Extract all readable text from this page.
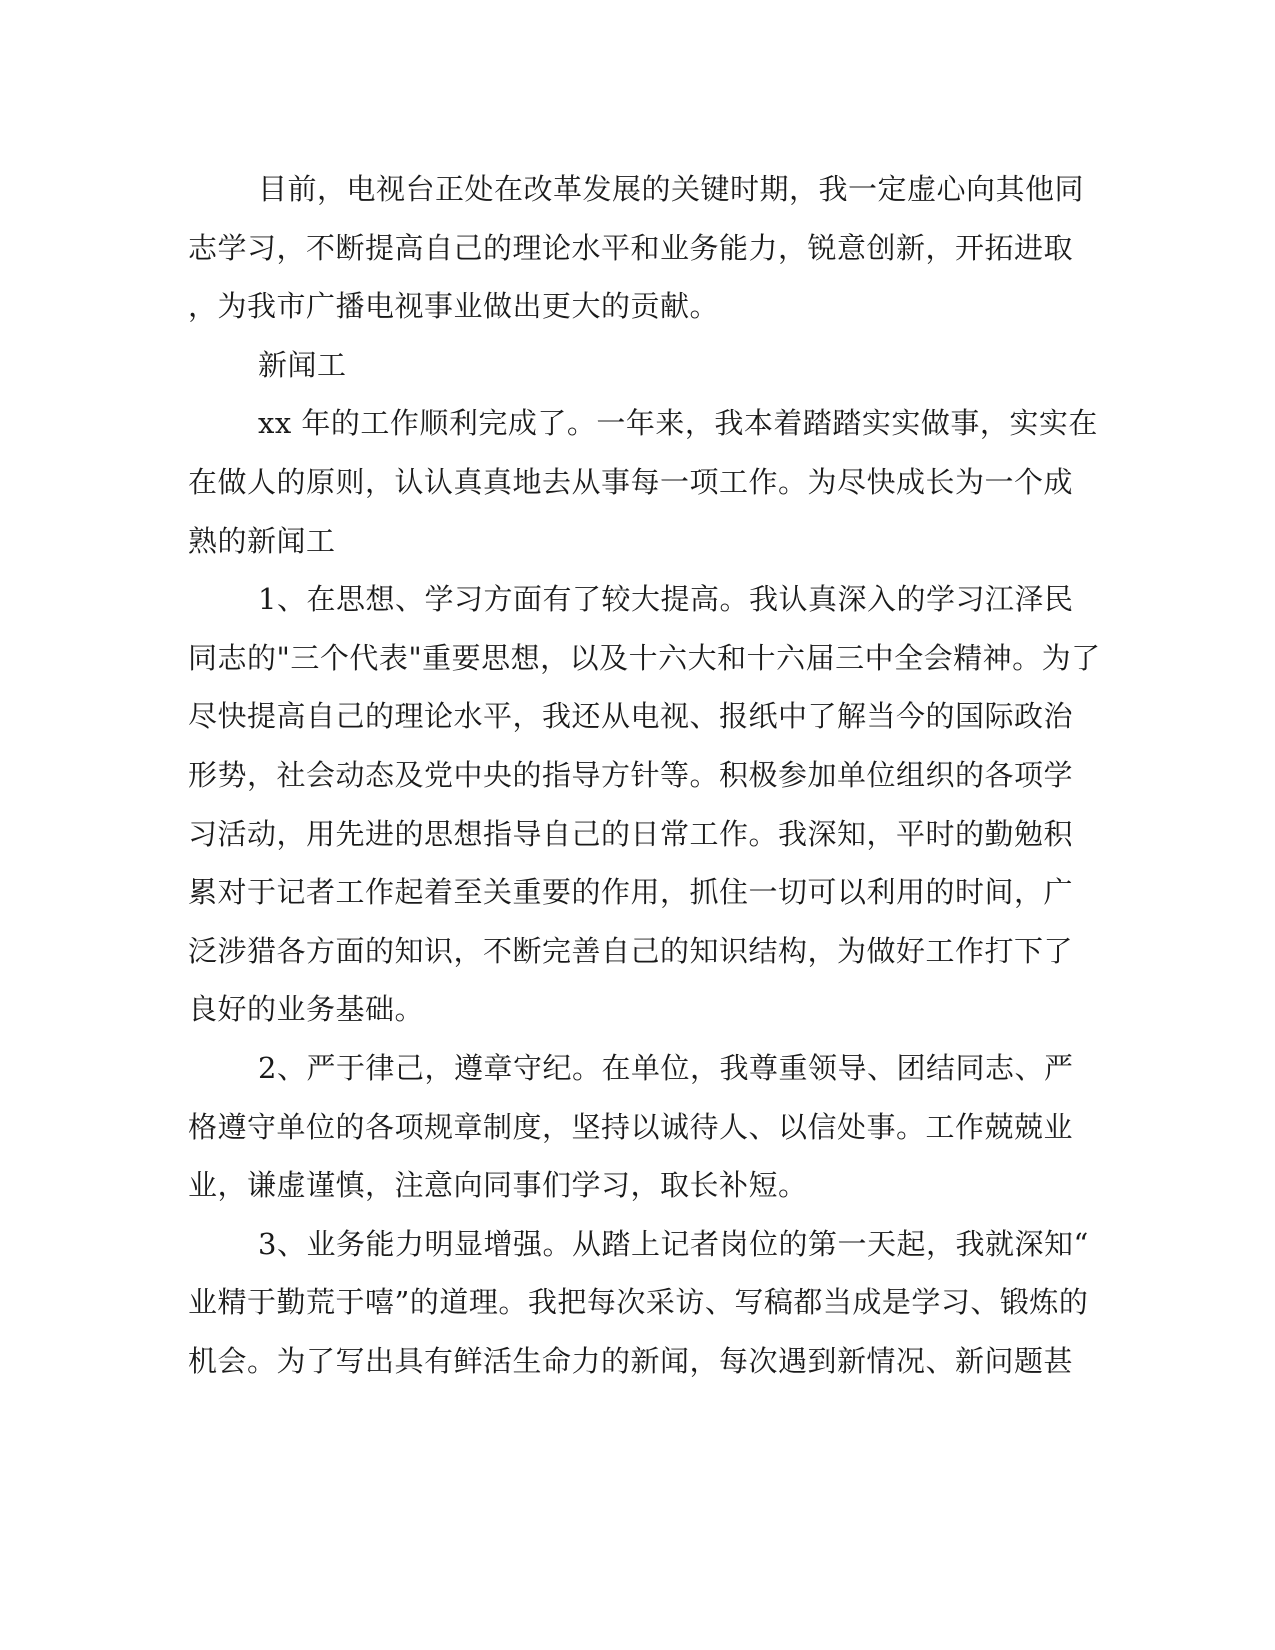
目前，电视台正处在改革发展的关键时期，我一定虚心向其他同
志学习，不断提高自己的理论水平和业务能力，锐意创新，开拓进取
，为我市广播电视事业做出更大的贡献。
新闻工
xx 年的工作顺利完成了。一年来，我本着踏踏实实做事，实实在
在做人的原则，认认真真地去从事每一项工作。为尽快成长为一个成
熟的新闻工
1、在思想、学习方面有了较大提高。我认真深入的学习江泽民
同志的"三个代表"重要思想，以及十六大和十六届三中全会精神。为了
尽快提高自己的理论水平，我还从电视、报纸中了解当今的国际政治
形势，社会动态及党中央的指导方针等。积极参加单位组织的各项学
习活动，用先进的思想指导自己的日常工作。我深知，平时的勤勉积
累对于记者工作起着至关重要的作用，抓住一切可以利用的时间，广
泛涉猎各方面的知识，不断完善自己的知识结构，为做好工作打下了
良好的业务基础。
2、严于律己，遵章守纪。在单位，我尊重领导、团结同志、严
格遵守单位的各项规章制度，坚持以诚待人、以信处事。工作兢兢业
业，谦虚谨慎，注意向同事们学习，取长补短。
3、业务能力明显增强。从踏上记者岗位的第一天起，我就深知“
业精于勤荒于嘻”的道理。我把每次采访、写稿都当成是学习、锻炼的
机会。为了写出具有鲜活生命力的新闻，每次遇到新情况、新问题甚
